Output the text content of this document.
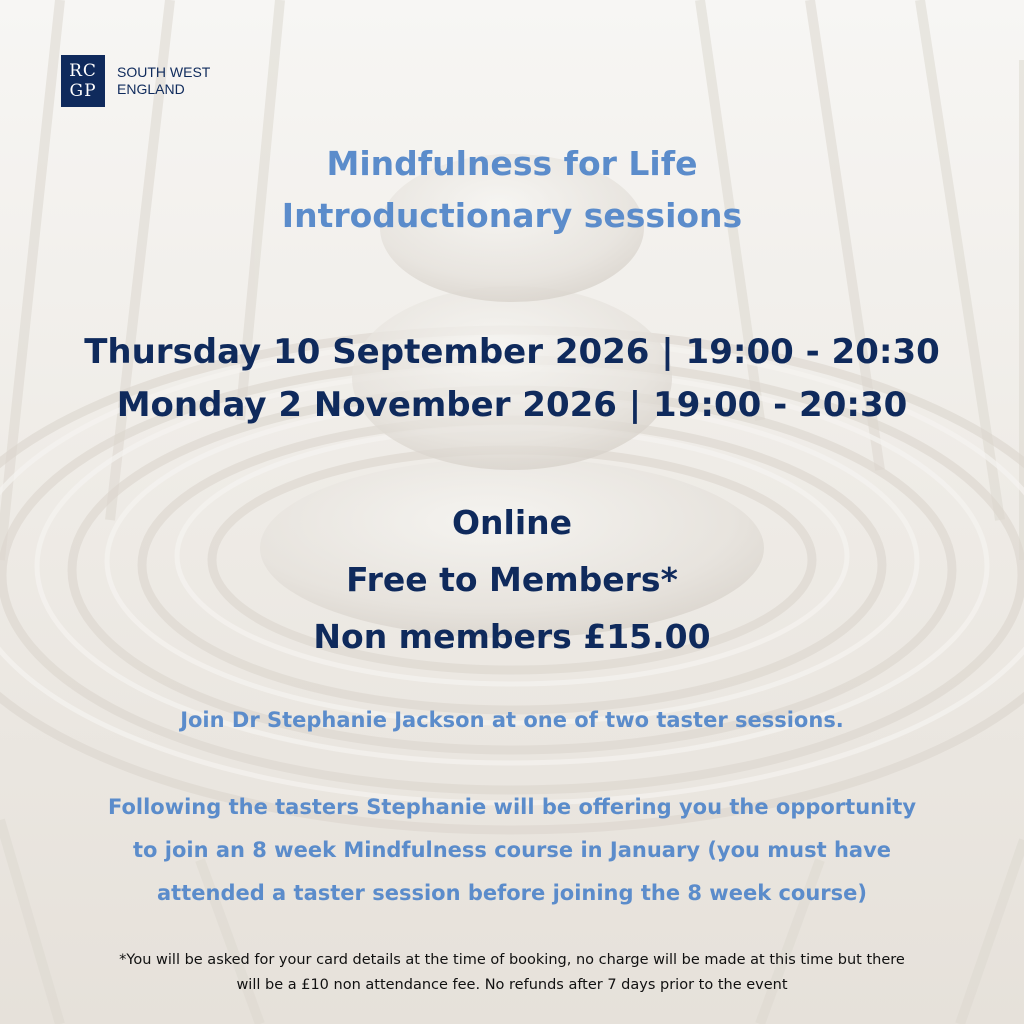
RC
GP
SOUTH WEST
ENGLAND
Mindfulness for Life
Introductionary sessions
Thursday 10 September 2026 | 19:00 - 20:30
Monday 2 November 2026 | 19:00 - 20:30
Online
Free to Members*
Non members £15.00
Join Dr Stephanie Jackson at one of two taster sessions.
Following the tasters Stephanie will be offering you the opportunity
to join an 8 week Mindfulness course in January (you must have
attended a taster session before joining the 8 week course)
*You will be asked for your card details at the time of booking, no charge will be made at this time but there
will be a £10 non attendance fee. No refunds after 7 days prior to the event
